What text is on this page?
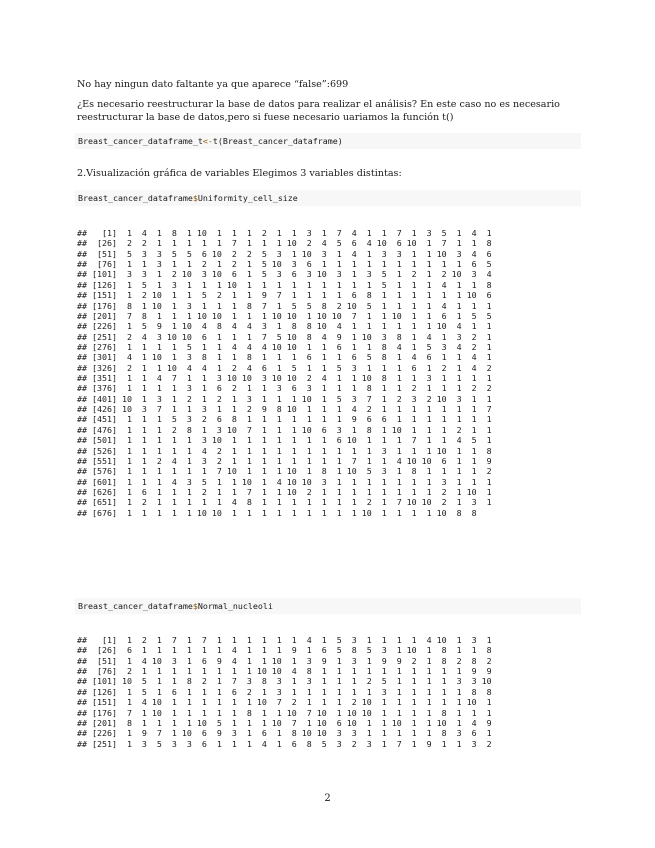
No hay ningun dato faltante ya que aparece “false”:699

¿Es necesario reestructurar la base de datos para realizar el análisis? En este caso no es necesario reestructurar la base de datos,pero si fuese necesario uariamos la función t()

Breast_cancer_dataframe_t<-t(Breast_cancer_dataframe)

2.Visualización gráfica de variables Elegimos 3 variables distintas:

Breast_cancer_dataframe$Uniformity_cell_size
##   [1]  1  4  1  8  1 10  1  1  1  2  1  1  3  1  7  4  1  1  7  1  3  5  1  4  1
##  [26]  2  2  1  1  1  1  1  7  1  1  1 10  2  4  5  6  4 10  6 10  1  7  1  1  8
##  [51]  5  3  3  5  5  6 10  2  2  5  3  1 10  3  1  4  1  3  3  1  1 10  3  4  6
##  [76]  1  1  3  1  1  2  1  2  1  5 10  3  6  1  1  1  1  1  1  1  1  1  1  6  5
## [101]  3  3  1  2 10  3 10  6  1  5  3  6  3 10  3  1  3  5  1  2  1  2 10  3  4
## [126]  1  5  1  3  1  1  1 10  1  1  1  1  1  1  1  1  1  5  1  1  1  4  1  1  8
## [151]  1  2 10  1  1  5  2  1  1  9  7  1  1  1  1  6  8  1  1  1  1  1  1 10  6
## [176]  8  1 10  1  3  1  1  1  8  7  1  5  5  8  2 10  5  1  1  1  1  4  1  1  1
## [201]  7  8  1  1  1 10 10  1  1  1 10 10  1 10 10  7  1  1 10  1  1  6  1  5  5
## [226]  1  5  9  1 10  4  8  4  4  3  1  8  8 10  4  1  1  1  1  1  1 10  4  1  1
## [251]  2  4  3 10 10  6  1  1  1  7  5 10  8  4  9  1 10  3  8  1  4  1  3  2  1
## [276]  1  1  1  1  5  1  1  4  4  4 10 10  1  1  6  1  1  8  4  1  5  3  4  2  1
## [301]  4  1 10  1  3  8  1  1  8  1  1  1  6  1  1  6  5  8  1  4  6  1  1  4  1
## [326]  2  1  1 10  4  4  1  2  4  6  1  5  1  1  5  3  1  1  1  6  1  2  1  4  2
## [351]  1  1  4  7  1  1  3 10 10  3 10 10  2  4  1  1 10  8  1  1  3  1  1  1  1
## [376]  1  1  1  1  3  1  6  2  1  1  3  6  3  1  1  1  8  1  1  2  1  1  1  2  2
## [401] 10  1  3  1  2  1  2  1  3  1  1  1 10  1  5  3  7  1  2  3  2 10  3  1  1
## [426] 10  3  7  1  1  3  1  1  2  9  8 10  1  1  1  4  2  1  1  1  1  1  1  1  7
## [451]  1  1  1  5  3  2  6  8  1  1  1  1  1  1  1  9  6  6  1  1  1  1  1  1  1
## [476]  1  1  1  2  8  1  3 10  7  1  1  1 10  6  3  1  8  1 10  1  1  1  2  1  1
## [501]  1  1  1  1  1  3 10  1  1  1  1  1  1  1  6 10  1  1  1  7  1  1  4  5  1
## [526]  1  1  1  1  1  4  2  1  1  1  1  1  1  1  1  1  1  3  1  1  1 10  1  1  8
## [551]  1  1  2  4  1  3  2  1  1  1  1  1  1  1  1  7  1  1  4 10 10  6  1  1  9
## [576]  1  1  1  1  1  1  7 10  1  1  1 10  1  8  1 10  5  3  1  8  1  1  1  1  2
## [601]  1  1  1  4  3  5  1  1 10  1  4 10 10  3  1  1  1  1  1  1  1  3  1  1  1
## [626]  1  6  1  1  1  2  1  1  7  1  1 10  2  1  1  1  1  1  1  1  1  2  1 10  1
## [651]  1  2  1  1  1  1  1  4  8  1  1  1  1  1  1  1  2  1  7 10 10  2  1  3  1
## [676]  1  1  1  1  1 10 10  1  1  1  1  1  1  1  1  1 10  1  1  1  1 10  8  8

Breast_cancer_dataframe$Normal_nucleoli
##   [1]  1  2  1  7  1  7  1  1  1  1  1  1  4  1  5  3  1  1  1  1  4 10  1  3  1
##  [26]  6  1  1  1  1  1  1  4  1  1  1  9  1  6  5  8  5  3  1 10  1  8  1  1  8
##  [51]  1  4 10  3  1  6  9  4  1  1 10  1  3  9  1  3  1  9  9  2  1  8  2  8  2
##  [76]  2  1  1  1  1  1  1  1  1 10 10  4  8  1  1  1  1  1  1  1  1  1  1  9  9
## [101] 10  5  1  1  8  2  1  7  3  8  3  1  3  1  1  1  2  5  1  1  1  1  3  3 10
## [126]  1  5  1  6  1  1  1  6  2  1  3  1  1  1  1  1  1  3  1  1  1  1  1  8  8
## [151]  1  4 10  1  1  1  1  1  1 10  7  2  1  1  1  2 10  1  1  1  1  1  1 10  1
## [176]  7  1 10  1  1  1  1  1  8  1  1 10  7 10  1 10 10  1  1  1  1  8  1  1  1
## [201]  8  1  1  1  1 10  5  1  1  1 10  7  1 10  6 10  1  1 10  1  1 10  1  4  9
## [226]  1  9  7  1 10  6  9  3  1  6  1  8 10 10  3  3  1  1  1  1  1  8  3  6  1
## [251]  1  3  5  3  3  6  1  1  1  4  1  6  8  5  3  2  3  1  7  1  9  1  1  3  2

2
